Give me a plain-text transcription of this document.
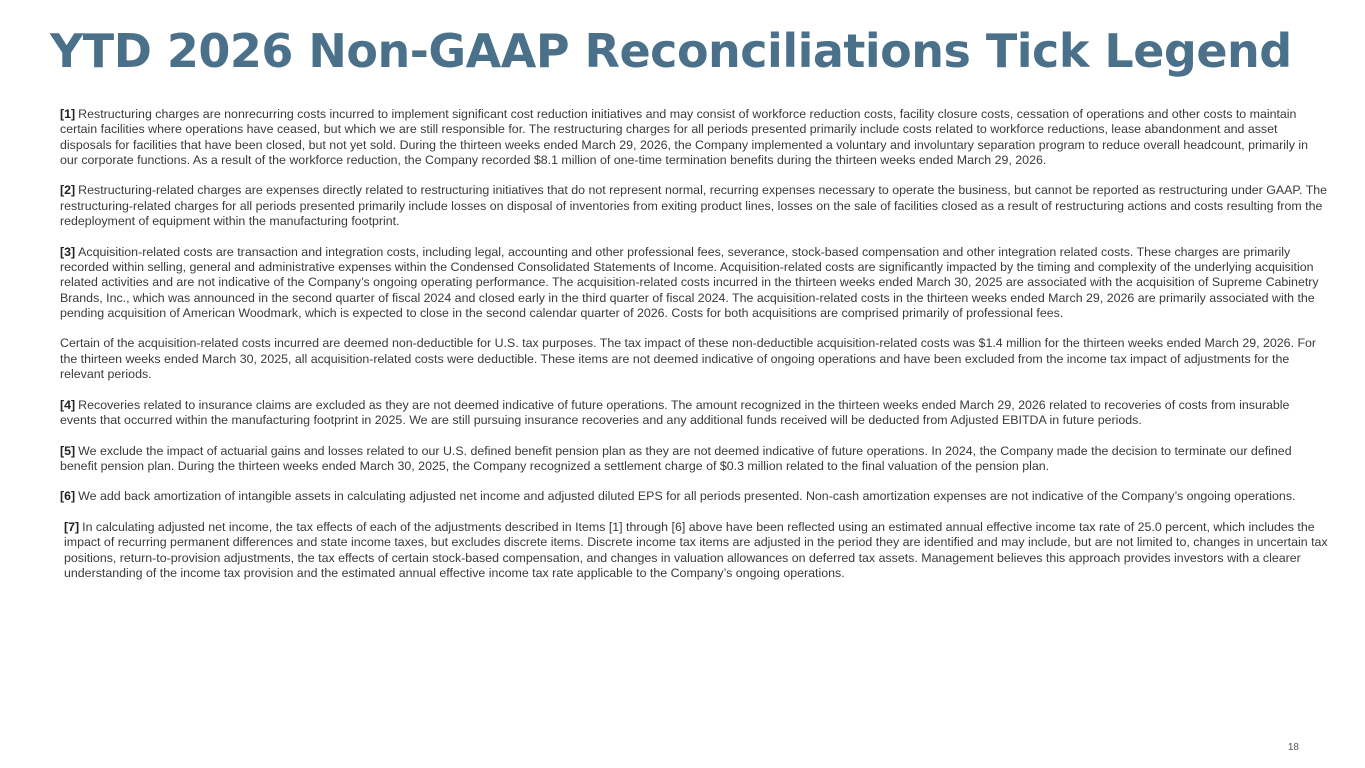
YTD 2026 Non-GAAP Reconciliations Tick Legend

[1] Restructuring charges are nonrecurring costs incurred to implement significant cost reduction initiatives and may consist of workforce reduction costs, facility closure costs, cessation of operations and other costs to maintain certain facilities where operations have ceased, but which we are still responsible for. The restructuring charges for all periods presented primarily include costs related to workforce reductions, lease abandonment and asset disposals for facilities that have been closed, but not yet sold. During the thirteen weeks ended March 29, 2026, the Company implemented a voluntary and involuntary separation program to reduce overall headcount, primarily in our corporate functions. As a result of the workforce reduction, the Company recorded $8.1 million of one-time termination benefits during the thirteen weeks ended March 29, 2026.

[2] Restructuring-related charges are expenses directly related to restructuring initiatives that do not represent normal, recurring expenses necessary to operate the business, but cannot be reported as restructuring under GAAP. The restructuring-related charges for all periods presented primarily include losses on disposal of inventories from exiting product lines, losses on the sale of facilities closed as a result of restructuring actions and costs resulting from the redeployment of equipment within the manufacturing footprint.

[3] Acquisition-related costs are transaction and integration costs, including legal, accounting and other professional fees, severance, stock-based compensation and other integration related costs. These charges are primarily recorded within selling, general and administrative expenses within the Condensed Consolidated Statements of Income. Acquisition-related costs are significantly impacted by the timing and complexity of the underlying acquisition related activities and are not indicative of the Company’s ongoing operating performance. The acquisition-related costs incurred in the thirteen weeks ended March 30, 2025 are associated with the acquisition of Supreme Cabinetry Brands, Inc., which was announced in the second quarter of fiscal 2024 and closed early in the third quarter of fiscal 2024. The acquisition-related costs in the thirteen weeks ended March 29, 2026 are primarily associated with the pending acquisition of American Woodmark, which is expected to close in the second calendar quarter of 2026. Costs for both acquisitions are comprised primarily of professional fees.

Certain of the acquisition-related costs incurred are deemed non-deductible for U.S. tax purposes. The tax impact of these non-deductible acquisition-related costs was $1.4 million for the thirteen weeks ended March 29, 2026. For the thirteen weeks ended March 30, 2025, all acquisition-related costs were deductible. These items are not deemed indicative of ongoing operations and have been excluded from the income tax impact of adjustments for the relevant periods.

[4] Recoveries related to insurance claims are excluded as they are not deemed indicative of future operations. The amount recognized in the thirteen weeks ended March 29, 2026 related to recoveries of costs from insurable events that occurred within the manufacturing footprint in 2025. We are still pursuing insurance recoveries and any additional funds received will be deducted from Adjusted EBITDA in future periods.

[5] We exclude the impact of actuarial gains and losses related to our U.S. defined benefit pension plan as they are not deemed indicative of future operations. In 2024, the Company made the decision to terminate our defined benefit pension plan. During the thirteen weeks ended March 30, 2025, the Company recognized a settlement charge of $0.3 million related to the final valuation of the pension plan.

[6] We add back amortization of intangible assets in calculating adjusted net income and adjusted diluted EPS for all periods presented. Non-cash amortization expenses are not indicative of the Company’s ongoing operations.

[7] In calculating adjusted net income, the tax effects of each of the adjustments described in Items [1] through [6] above have been reflected using an estimated annual effective income tax rate of 25.0 percent, which includes the impact of recurring permanent differences and state income taxes, but excludes discrete items. Discrete income tax items are adjusted in the period they are identified and may include, but are not limited to, changes in uncertain tax positions, return-to-provision adjustments, the tax effects of certain stock-based compensation, and changes in valuation allowances on deferred tax assets. Management believes this approach provides investors with a clearer understanding of the income tax provision and the estimated annual effective income tax rate applicable to the Company’s ongoing operations.

18
